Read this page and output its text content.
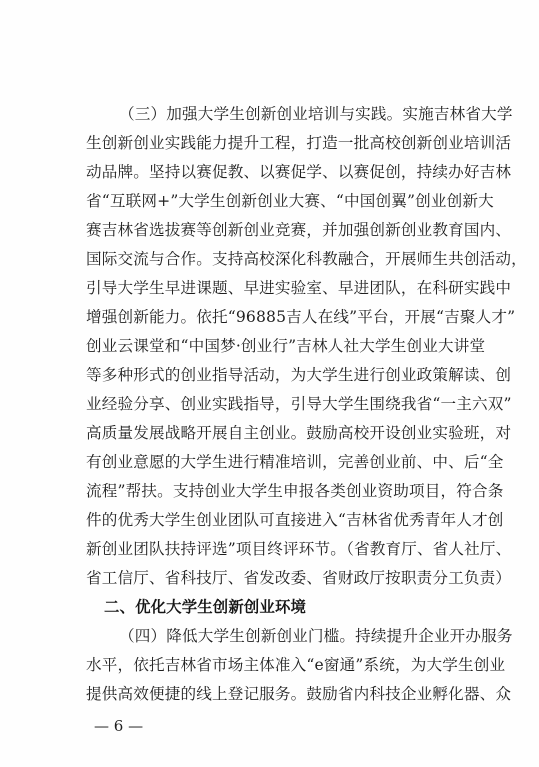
（三）加强大学生创新创业培训与实践。实施吉林省大学
生创新创业实践能力提升工程，打造一批高校创新创业培训活
动品牌。坚持以赛促教、以赛促学、以赛促创，持续办好吉林
省“互联网+”大学生创新创业大赛、“中国创翼”创业创新大
赛吉林省选拔赛等创新创业竞赛，并加强创新创业教育国内、
国际交流与合作。支持高校深化科教融合，开展师生共创活动，
引导大学生早进课题、早进实验室、早进团队，在科研实践中
增强创新能力。依托“96885吉人在线”平台，开展“吉聚人才”
创业云课堂和“中国梦·创业行”吉林人社大学生创业大讲堂
等多种形式的创业指导活动，为大学生进行创业政策解读、创
业经验分享、创业实践指导，引导大学生围绕我省“一主六双”
高质量发展战略开展自主创业。鼓励高校开设创业实验班，对
有创业意愿的大学生进行精准培训，完善创业前、中、后“全
流程”帮扶。支持创业大学生申报各类创业资助项目，符合条
件的优秀大学生创业团队可直接进入“吉林省优秀青年人才创
新创业团队扶持评选”项目终评环节。（省教育厅、省人社厅、
省工信厅、省科技厅、省发改委、省财政厅按职责分工负责）
二、优化大学生创新创业环境
（四）降低大学生创新创业门槛。持续提升企业开办服务
水平，依托吉林省市场主体准入“e窗通”系统，为大学生创业
提供高效便捷的线上登记服务。鼓励省内科技企业孵化器、众
— 6 —
